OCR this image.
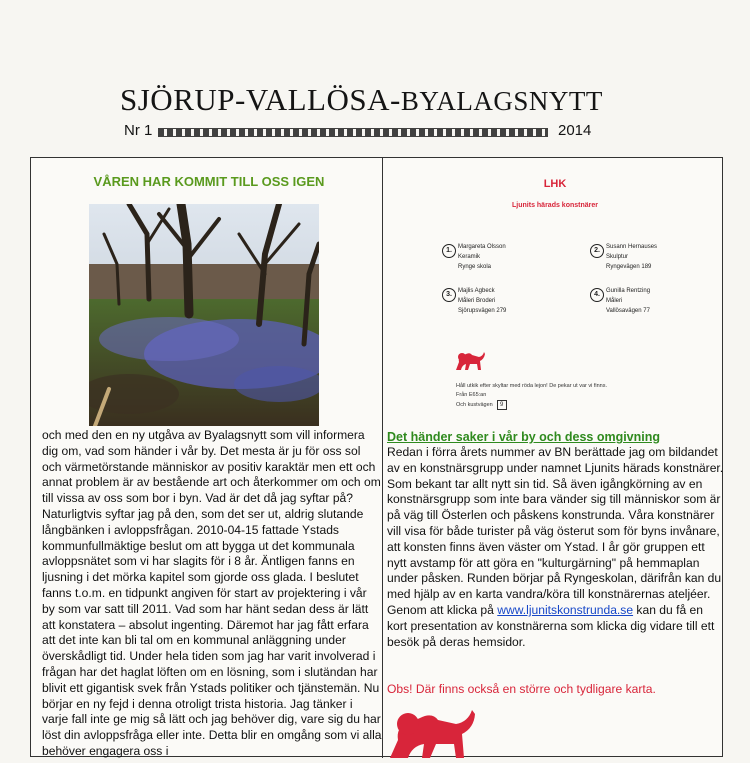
SJÖRUP-VALLÖSA-BYALAGSNYTT
Nr 1	2014
VÅREN HAR KOMMIT TILL OSS IGEN
och med den en ny utgåva av Byalagsnytt som vill informera dig om, vad som händer i vår by. Det mesta är ju för oss sol och värmetörstande människor av positiv karaktär men ett och annat problem är av bestående art och återkommer om och om till vissa av oss som bor i byn. Vad är det då jag syftar på? Naturligtvis syftar jag på den, som det ser ut, aldrig slutande långbänken i avloppsfrågan. 2010-04-15 fattade Ystads kommunfullmäktige beslut om att bygga ut det kommunala avloppsnätet som vi har slagits för i 8 år. Äntligen fanns en ljusning i det mörka kapitel som gjorde oss glada. I beslutet fanns t.o.m. en tidpunkt angiven för start av projektering i vår by som var satt till 2011. Vad som har hänt sedan dess är lätt att konstatera – absolut ingenting. Däremot har jag fått erfara att det inte kan bli tal om en kommunal anläggning under överskådligt tid. Under hela tiden som jag har varit involverad i frågan har det haglat löften om en lösning, som i slutändan har blivit ett gigantisk svek från Ystads politiker och tjänstemän. Nu börjar en ny fejd i denna otroligt trista historia. Jag tänker i varje fall inte ge mig så lätt och jag behöver dig, vare sig du har löst din avloppsfråga eller inte. Detta blir en omgång som vi alla behöver engagera oss i
LHK
Ljunits härads konstnärer
1.	Margareta Olsson
Keramik
Rynge skola
2.	Susann Hernauses
Skulptur
Ryngevägen 189
3.	Majlis Agbeck
Måleri Broderi
Sjörupsvägen 279
4.	Gunilla Rentzing
Måleri
Vallösavägen 77
Håll utkik efter skyltar med röda lejon! De pekar ut var vi finns.
Från E65:an
Och kustvägen 9
Det händer saker i vår by och dess omgivning
Redan i förra årets nummer av BN berättade jag om bildandet av en konstnärsgrupp under namnet Ljunits härads konstnärer. Som bekant tar allt nytt sin tid. Så även igångkörning av en konstnärsgrupp som inte bara vänder sig till människor som är på väg till Österlen och påskens konstrunda. Våra konstnärer vill visa för både turister på väg österut som för byns invånare, att konsten finns även väster om Ystad. I år gör gruppen ett nytt avstamp för att göra en "kulturgärning" på hemmaplan under påsken. Runden börjar på Ryngeskolan, därifrån kan du med hjälp av en karta vandra/köra till konstnärernas ateljéer. Genom att klicka på www.ljunitskonstrunda.se kan du få en kort presentation av konstnärerna som klicka dig vidare till ett besök på deras hemsidor.
Obs! Där finns också en större och tydligare karta.
